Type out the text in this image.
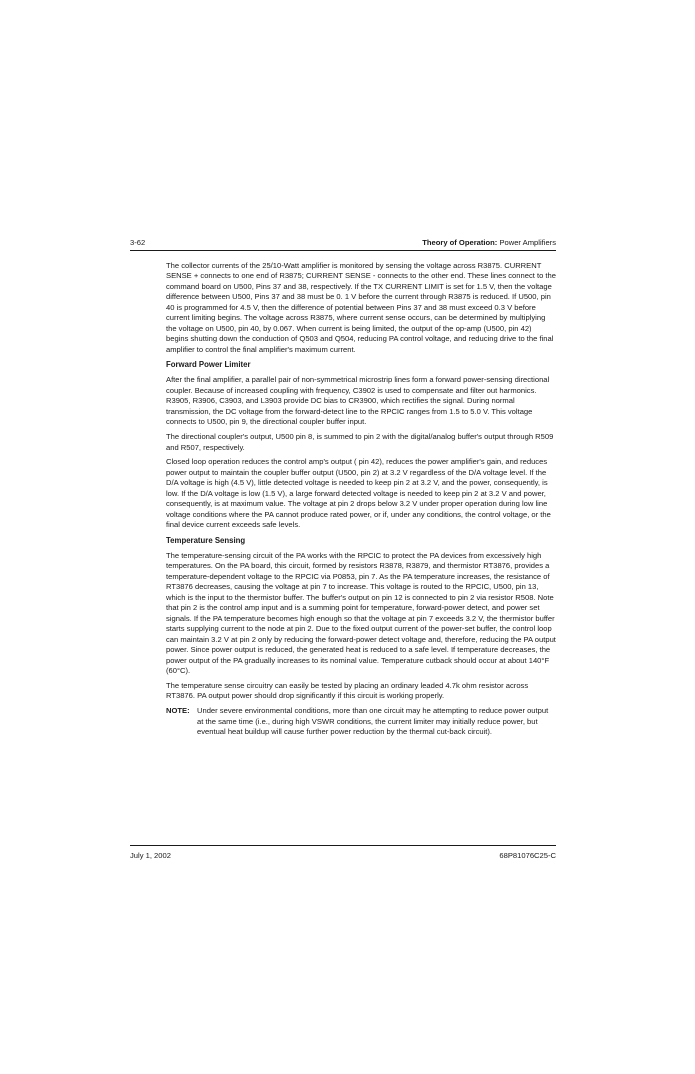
3-62	Theory of Operation: Power Amplifiers

The collector currents of the 25/10-Watt amplifier is monitored by sensing the voltage across R3875. CURRENT SENSE + connects to one end of R3875; CURRENT SENSE - connects to the other end. These lines connect to the command board on U500, Pins 37 and 38, respectively. If the TX CURRENT LIMIT is set for 1.5 V, then the voltage difference between U500, Pins 37 and 38 must be 0. 1 V before the current through R3875 is reduced. If U500, pin 40 is programmed for 4.5 V, then the difference of potential between Pins 37 and 38 must exceed 0.3 V before current limiting begins. The voltage across R3875, where current sense occurs, can be determined by multiplying the voltage on U500, pin 40, by 0.067. When current is being limited, the output of the op-amp (U500, pin 42) begins shutting down the conduction of Q503 and Q504, reducing PA control voltage, and reducing drive to the final amplifier to control the final amplifier's maximum current.

Forward Power Limiter

After the final amplifier, a parallel pair of non-symmetrical microstrip lines form a forward power-sensing directional coupler. Because of increased coupling with frequency, C3902 is used to compensate and filter out harmonics. R3905, R3906, C3903, and L3903 provide DC bias to CR3900, which rectifies the signal. During normal transmission, the DC voltage from the forward-detect line to the RPCIC ranges from 1.5 to 5.0 V. This voltage connects to U500, pin 9, the directional coupler buffer input.

The directional coupler's output, U500 pin 8, is summed to pin 2 with the digital/analog buffer's output through R509 and R507, respectively.

Closed loop operation reduces the control amp's output ( pin 42), reduces the power amplifier's gain, and reduces power output to maintain the coupler buffer output (U500, pin 2) at 3.2 V regardless of the D/A voltage level. If the D/A voltage is high (4.5 V), little detected voltage is needed to keep pin 2 at 3.2 V, and the power, consequently, is low. If the D/A voltage is low (1.5 V), a large forward detected voltage is needed to keep pin 2 at 3.2 V and power, consequently, is at maximum value. The voltage at pin 2 drops below 3.2 V under proper operation during low line voltage conditions where the PA cannot produce rated power, or if, under any conditions, the control voltage, or the final device current exceeds safe levels.

Temperature Sensing

The temperature-sensing circuit of the PA works with the RPCIC to protect the PA devices from excessively high temperatures. On the PA board, this circuit, formed by resistors R3878, R3879, and thermistor RT3876, provides a temperature-dependent voltage to the RPCIC via P0853, pin 7. As the PA temperature increases, the resistance of RT3876 decreases, causing the voltage at pin 7 to increase. This voltage is routed to the RPCIC, U500, pin 13, which is the input to the thermistor buffer. The buffer's output on pin 12 is connected to pin 2 via resistor R508. Note that pin 2 is the control amp input and is a summing point for temperature, forward-power detect, and power set signals. If the PA temperature becomes high enough so that the voltage at pin 7 exceeds 3.2 V, the thermistor buffer starts supplying current to the node at pin 2. Due to the fixed output current of the power-set buffer, the control loop can maintain 3.2 V at pin 2 only by reducing the forward-power detect voltage and, therefore, reducing the PA output power. Since power output is reduced, the generated heat is reduced to a safe level. If temperature decreases, the power output of the PA gradually increases to its nominal value. Temperature cutback should occur at about 140°F (60°C).

The temperature sense circuitry can easily be tested by placing an ordinary leaded 4.7k ohm resistor across RT3876. PA output power should drop significantly if this circuit is working properly.

NOTE: Under severe environmental conditions, more than one circuit may he attempting to reduce power output at the same time (i.e., during high VSWR conditions, the current limiter may initially reduce power, but eventual heat buildup will cause further power reduction by the thermal cut-back circuit).
July 1, 2002	68P81076C25-C
